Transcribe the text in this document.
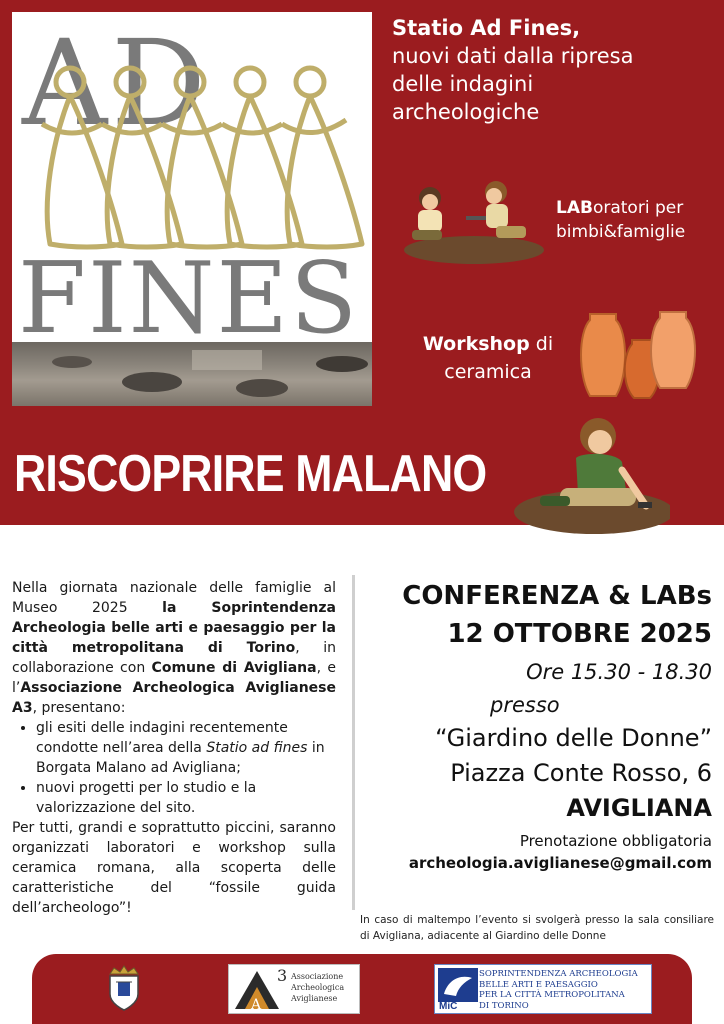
AD
FINES
Statio Ad Fines,
nuovi dati dalla ripresa
delle indagini
archeologiche
LABoratori per
bimbi&famiglie
Workshop di
ceramica
RISCOPRIRE MALANO

Nella giornata nazionale delle famiglie al Museo 2025 la Soprintendenza Archeologia belle arti e paesaggio per la città metropolitana di Torino, in collaborazione con Comune di Avigliana, e l’Associazione Archeologica Aviglianese A3, presentano:

• gli esiti delle indagini recentemente condotte nell’area della Statio ad fines in Borgata Malano ad Avigliana;
• nuovi progetti per lo studio e la valorizzazione del sito.

Per tutti, grandi e soprattutto piccini, saranno organizzati laboratori e workshop sulla ceramica romana, alla scoperta delle caratteristiche del “fossile guida dell’archeologo”!

CONFERENZA & LABs
12 OTTOBRE 2025
Ore 15.30 - 18.30
presso
“Giardino delle Donne”
Piazza Conte Rosso, 6
AVIGLIANA
Prenotazione obbligatoria
archeologia.aviglianese@gmail.com
In caso di maltempo l’evento si svolgerà presso la sala consiliare di Avigliana, adiacente al Giardino delle Donne
A
3 Associazione
Archeologica
Aviglianese
MiC
SOPRINTENDENZA ARCHEOLOGIA
BELLE ARTI E PAESAGGIO
PER LA CITTÀ METROPOLITANA
DI TORINO
